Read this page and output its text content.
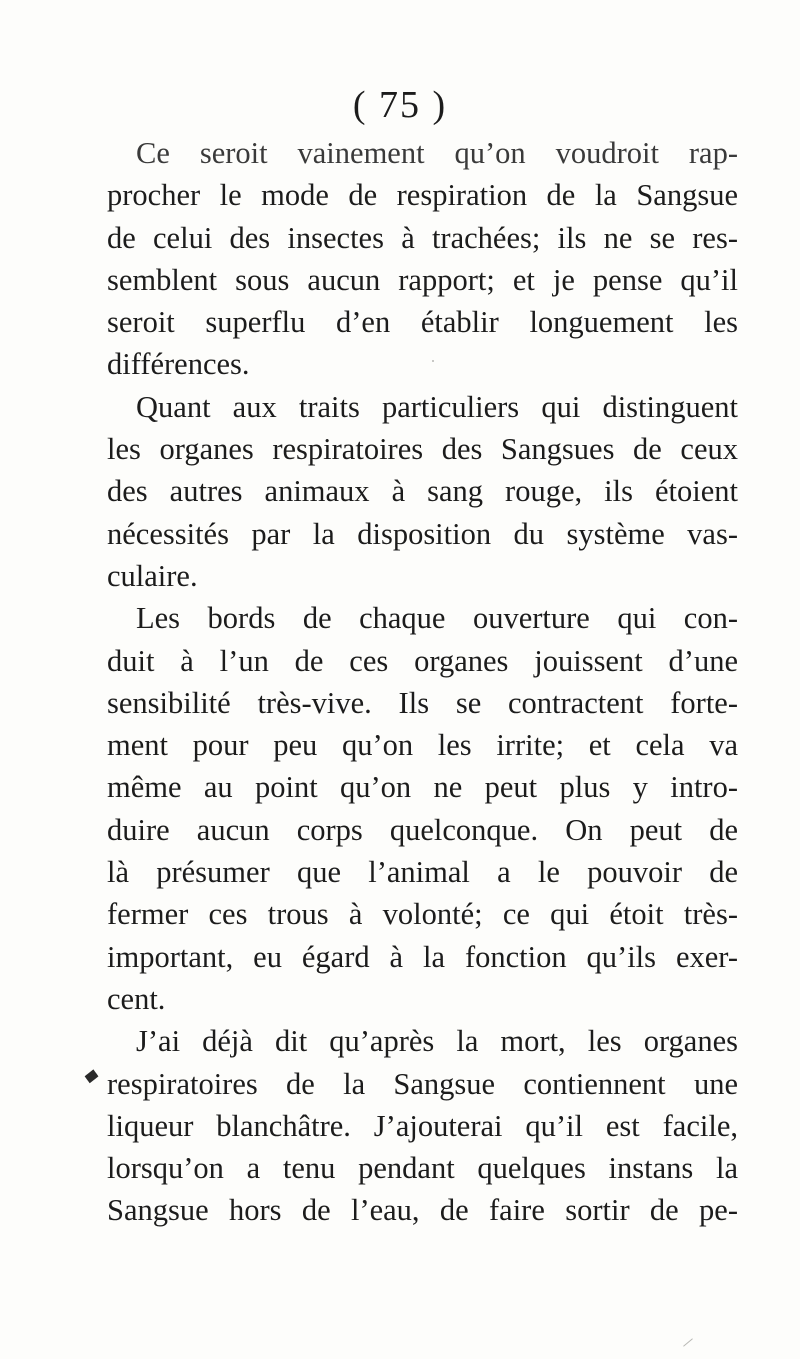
( 75 )
Ce seroit vainement qu’on voudroit rap-
procher le mode de respiration de la Sangsue
de celui des insectes à trachées; ils ne se res-
semblent sous aucun rapport; et je pense qu’il
seroit superflu d’en établir longuement les
différences.
Quant aux traits particuliers qui distinguent
les organes respiratoires des Sangsues de ceux
des autres animaux à sang rouge, ils étoient
nécessités par la disposition du système vas-
culaire.
Les bords de chaque ouverture qui con-
duit à l’un de ces organes jouissent d’une
sensibilité très-vive. Ils se contractent forte-
ment pour peu qu’on les irrite; et cela va
même au point qu’on ne peut plus y intro-
duire aucun corps quelconque. On peut de
là présumer que l’animal a le pouvoir de
fermer ces trous à volonté; ce qui étoit très-
important, eu égard à la fonction qu’ils exer-
cent.
J’ai déjà dit qu’après la mort, les organes
respiratoires de la Sangsue contiennent une
liqueur blanchâtre. J’ajouterai qu’il est facile,
lorsqu’on a tenu pendant quelques instans la
Sangsue hors de l’eau, de faire sortir de pe-
◆
